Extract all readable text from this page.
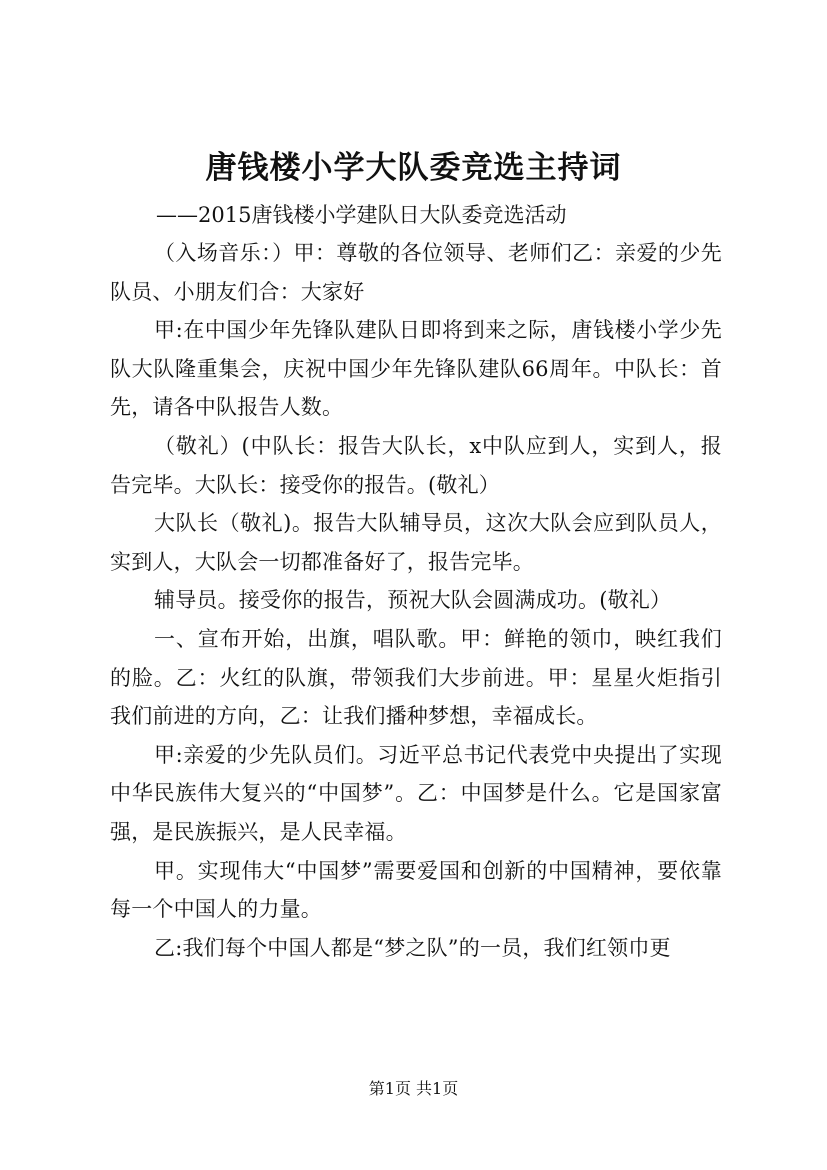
唐钱楼小学大队委竞选主持词
——2015唐钱楼小学建队日大队委竞选活动

（入场音乐：）甲：尊敬的各位领导、老师们乙：亲爱的少先队员、小朋友们合：大家好

甲:在中国少年先锋队建队日即将到来之际，唐钱楼小学少先队大队隆重集会，庆祝中国少年先锋队建队66周年。中队长：首先，请各中队报告人数。

（敬礼）(中队长：报告大队长，x中队应到人，实到人，报告完毕。大队长：接受你的报告。(敬礼）

大队长（敬礼)。报告大队辅导员，这次大队会应到队员人，实到人，大队会一切都准备好了，报告完毕。

辅导员。接受你的报告，预祝大队会圆满成功。(敬礼）

一、宣布开始，出旗，唱队歌。甲：鲜艳的领巾，映红我们的脸。乙：火红的队旗，带领我们大步前进。甲：星星火炬指引我们前进的方向，乙：让我们播种梦想，幸福成长。

甲:亲爱的少先队员们。习近平总书记代表党中央提出了实现中华民族伟大复兴的“中国梦”。乙：中国梦是什么。它是国家富强，是民族振兴，是人民幸福。

甲。实现伟大“中国梦”需要爱国和创新的中国精神，要依靠每一个中国人的力量。

乙:我们每个中国人都是“梦之队”的一员，我们红领巾更

第1页 共1页
